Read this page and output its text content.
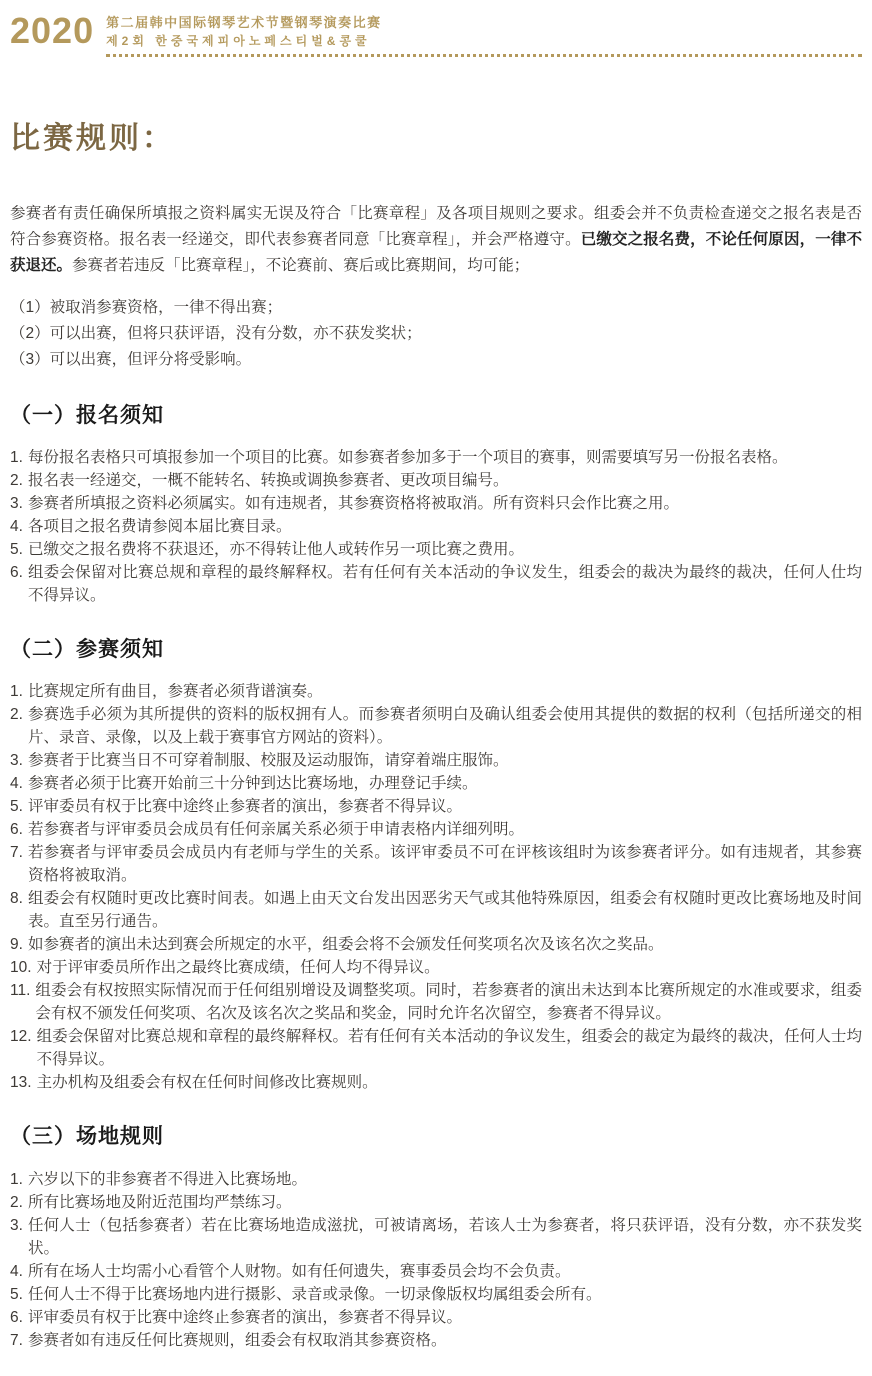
2020 第二届韩中国际钢琴艺术节暨钢琴演奏比赛
제2회 한중국제피아노페스티벌&콩쿨
比赛规则：

参赛者有责任确保所填报之资料属实无误及符合「比赛章程」及各项目规则之要求。组委会并不负责检查递交之报名表是否符合参赛资格。报名表一经递交，即代表参赛者同意「比赛章程」，并会严格遵守。已缴交之报名费，不论任何原因，一律不获退还。参赛者若违反「比赛章程」，不论赛前、赛后或比赛期间，均可能；

（1）被取消参赛资格，一律不得出赛；
（2）可以出赛，但将只获评语，没有分数，亦不获发奖状；
（3）可以出赛，但评分将受影响。
（一）报名须知
1. 每份报名表格只可填报参加一个项目的比赛。如参赛者参加多于一个项目的赛事，则需要填写另一份报名表格。
2. 报名表一经递交，一概不能转名、转换或调换参赛者、更改项目编号。
3. 参赛者所填报之资料必须属实。如有违规者，其参赛资格将被取消。所有资料只会作比赛之用。
4. 各项目之报名费请参阅本届比赛目录。
5. 已缴交之报名费将不获退还，亦不得转让他人或转作另一项比赛之费用。
6. 组委会保留对比赛总规和章程的最终解释权。若有任何有关本活动的争议发生，组委会的裁决为最终的裁决，任何人仕均不得异议。
（二）参赛须知
1. 比赛规定所有曲目，参赛者必须背谱演奏。
2. 参赛选手必须为其所提供的资料的版权拥有人。而参赛者须明白及确认组委会使用其提供的数据的权利（包括所递交的相片、录音、录像，以及上载于赛事官方网站的资料）。
3. 参赛者于比赛当日不可穿着制服、校服及运动服饰，请穿着端庄服饰。
4. 参赛者必须于比赛开始前三十分钟到达比赛场地，办理登记手续。
5. 评审委员有权于比赛中途终止参赛者的演出，参赛者不得异议。
6. 若参赛者与评审委员会成员有任何亲属关系必须于申请表格内详细列明。
7. 若参赛者与评审委员会成员内有老师与学生的关系。该评审委员不可在评核该组时为该参赛者评分。如有违规者，其参赛资格将被取消。
8. 组委会有权随时更改比赛时间表。如遇上由天文台发出因恶劣天气或其他特殊原因，组委会有权随时更改比赛场地及时间表。直至另行通告。
9. 如参赛者的演出未达到赛会所规定的水平，组委会将不会颁发任何奖项名次及该名次之奖品。
10. 对于评审委员所作出之最终比赛成绩，任何人均不得异议。
11. 组委会有权按照实际情况而于任何组别增设及调整奖项。同时，若参赛者的演出未达到本比赛所规定的水准或要求，组委会有权不颁发任何奖项、名次及该名次之奖品和奖金，同时允许名次留空，参赛者不得异议。
12. 组委会保留对比赛总规和章程的最终解释权。若有任何有关本活动的争议发生，组委会的裁定为最终的裁决，任何人士均不得异议。
13. 主办机构及组委会有权在任何时间修改比赛规则。
（三）场地规则
1. 六岁以下的非参赛者不得进入比赛场地。
2. 所有比赛场地及附近范围均严禁练习。
3. 任何人士（包括参赛者）若在比赛场地造成滋扰，可被请离场，若该人士为参赛者，将只获评语，没有分数，亦不获发奖状。
4. 所有在场人士均需小心看管个人财物。如有任何遗失，赛事委员会均不会负责。
5. 任何人士不得于比赛场地内进行摄影、录音或录像。一切录像版权均属组委会所有。
6. 评审委员有权于比赛中途终止参赛者的演出，参赛者不得异议。
7. 参赛者如有违反任何比赛规则，组委会有权取消其参赛资格。
